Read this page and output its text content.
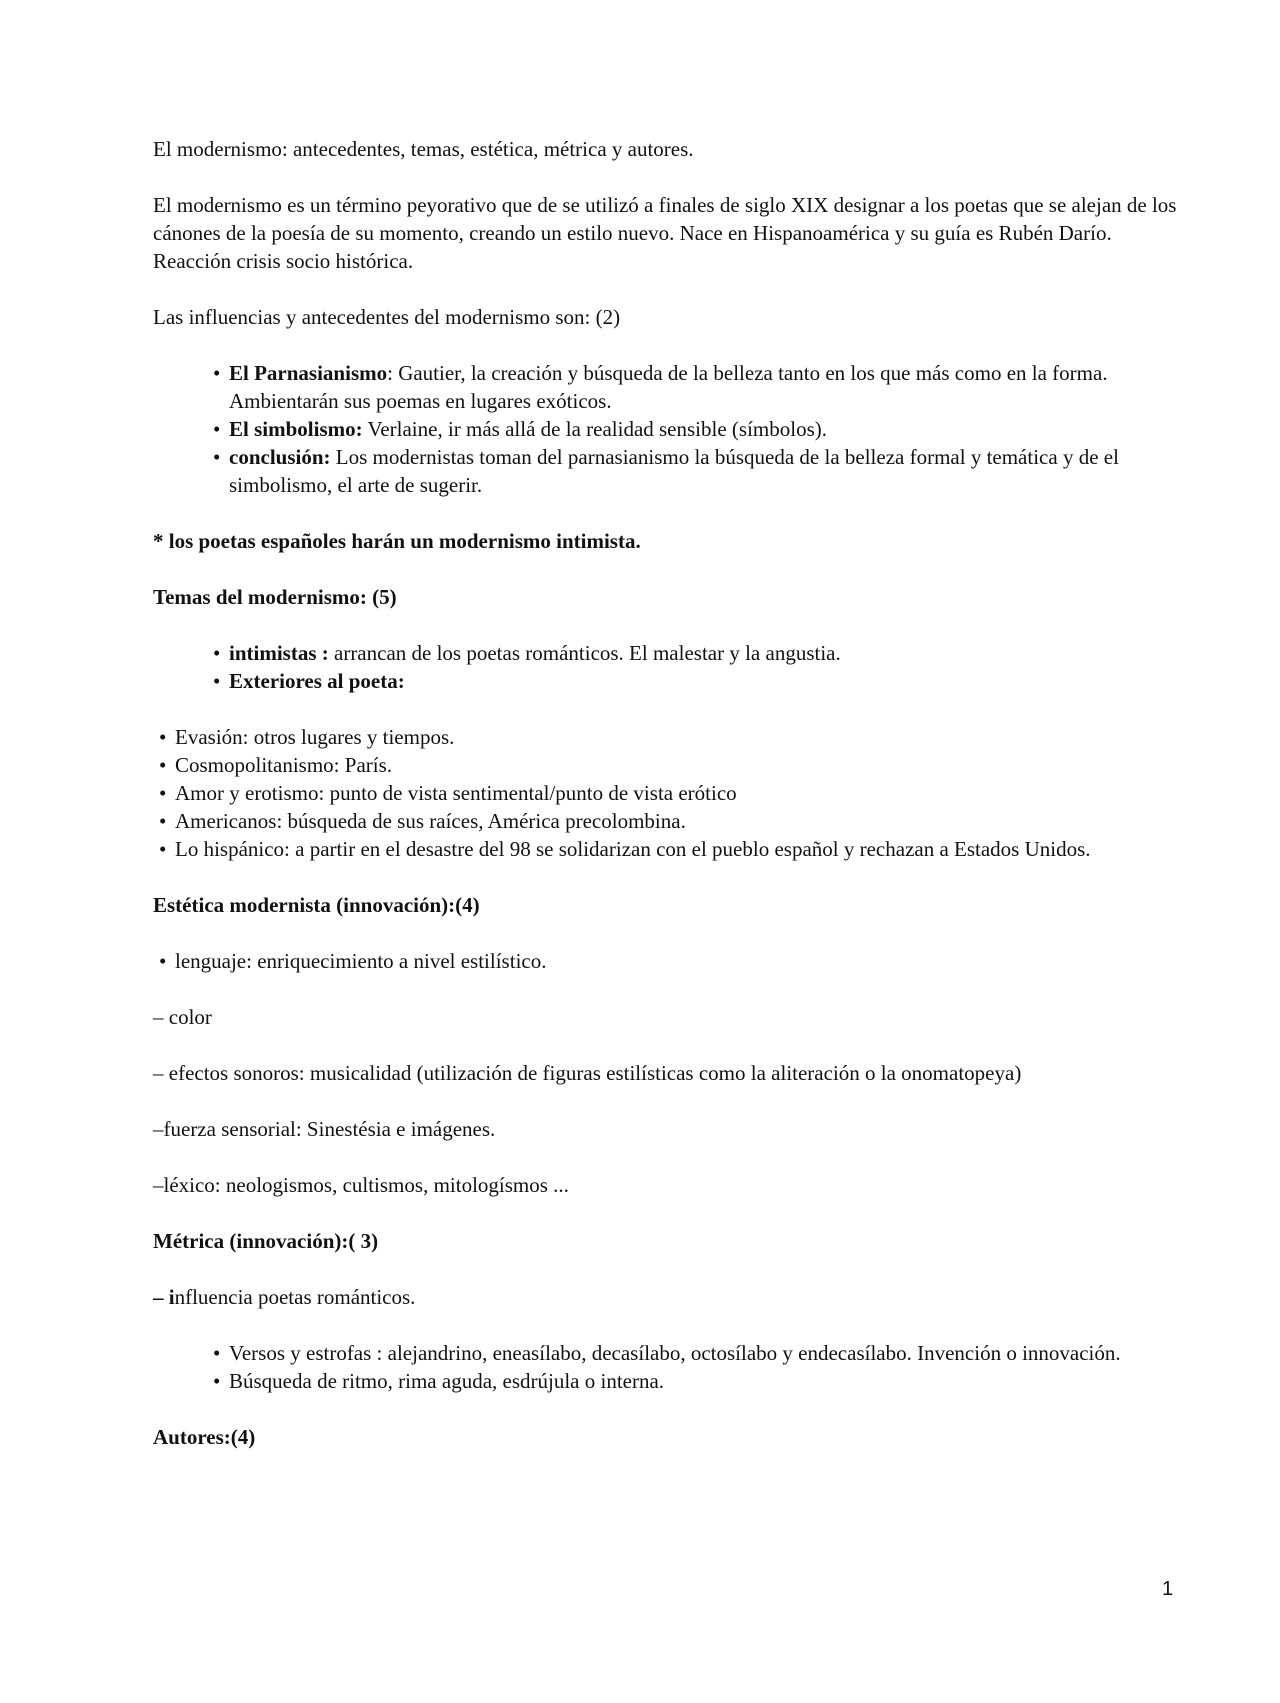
El modernismo: antecedentes, temas, estética, métrica y autores.

El modernismo es un término peyorativo que de se utilizó a finales de siglo XIX designar a los poetas que se alejan de los cánones de la poesía de su momento, creando un estilo nuevo. Nace en Hispanoamérica y su guía es Rubén Darío. Reacción crisis socio histórica.

Las influencias y antecedentes del modernismo son: (2)

• El Parnasianismo: Gautier, la creación y búsqueda de la belleza tanto en los que más como en la forma. Ambientarán sus poemas en lugares exóticos.
• El simbolismo: Verlaine, ir más allá de la realidad sensible (símbolos).
• conclusión: Los modernistas toman del parnasianismo la búsqueda de la belleza formal y temática y de el simbolismo, el arte de sugerir.

* los poetas españoles harán un modernismo intimista.

Temas del modernismo: (5)

• intimistas : arrancan de los poetas románticos. El malestar y la angustia.
• Exteriores al poeta:
• Evasión: otros lugares y tiempos.
• Cosmopolitanismo: París.
• Amor y erotismo: punto de vista sentimental/punto de vista erótico
• Americanos: búsqueda de sus raíces, América precolombina.
• Lo hispánico: a partir en el desastre del 98 se solidarizan con el pueblo español y rechazan a Estados Unidos.

Estética modernista (innovación):(4)

• lenguaje: enriquecimiento a nivel estilístico.

– color

– efectos sonoros: musicalidad (utilización de figuras estilísticas como la aliteración o la onomatopeya)

–fuerza sensorial: Sinestésia e imágenes.

–léxico: neologismos, cultismos, mitologísmos ...

Métrica (innovación):( 3)

– influencia poetas románticos.

• Versos y estrofas : alejandrino, eneasílabo, decasílabo, octosílabo y endecasílabo. Invención o innovación.
• Búsqueda de ritmo, rima aguda, esdrújula o interna.

Autores:(4)

1
